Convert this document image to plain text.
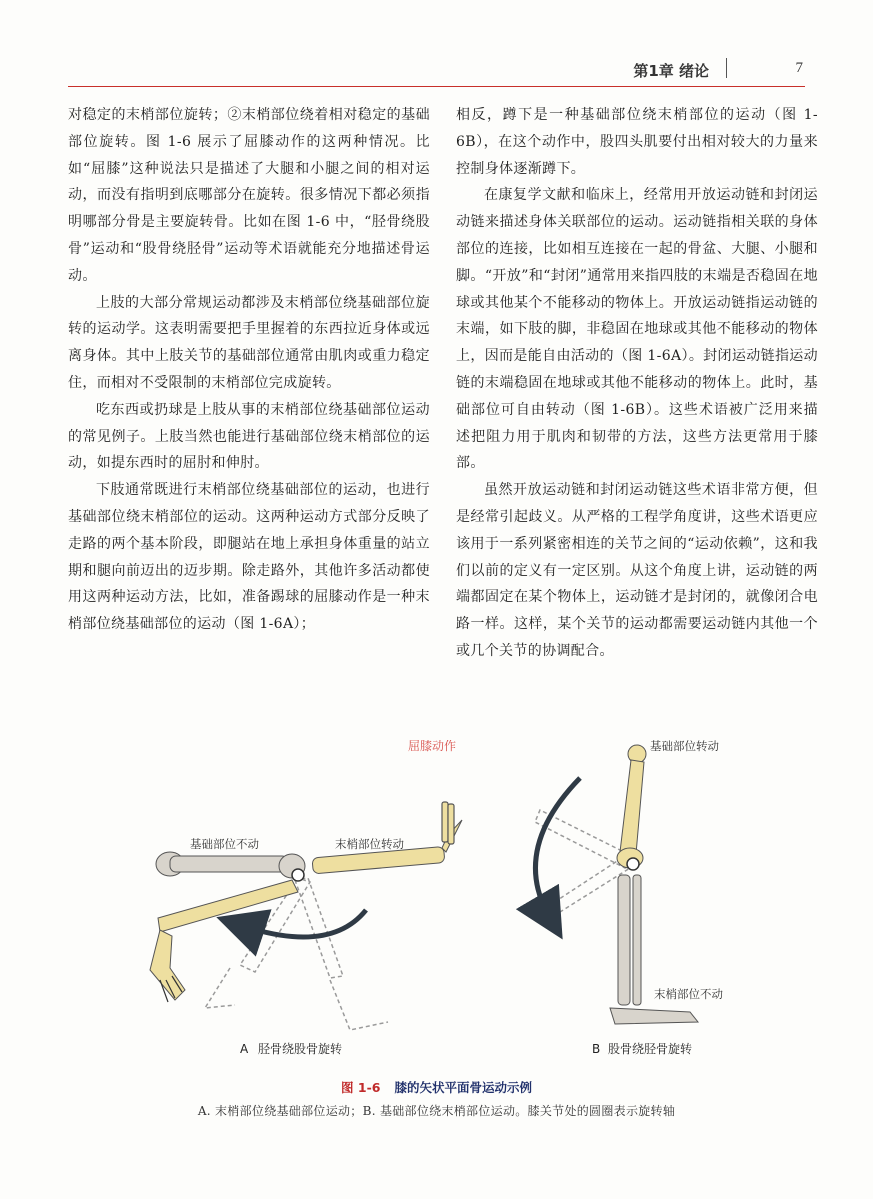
第1章 绪论	7

对稳定的末梢部位旋转；②末梢部位绕着相对稳定的基础部位旋转。图 1-6 展示了屈膝动作的这两种情况。比如“屈膝”这种说法只是描述了大腿和小腿之间的相对运动，而没有指明到底哪部分在旋转。很多情况下都必须指明哪部分骨是主要旋转骨。比如在图 1-6 中，“胫骨绕股骨”运动和“股骨绕胫骨”运动等术语就能充分地描述骨运动。

上肢的大部分常规运动都涉及末梢部位绕基础部位旋转的运动学。这表明需要把手里握着的东西拉近身体或远离身体。其中上肢关节的基础部位通常由肌肉或重力稳定住，而相对不受限制的末梢部位完成旋转。

吃东西或扔球是上肢从事的末梢部位绕基础部位运动的常见例子。上肢当然也能进行基础部位绕末梢部位的运动，如提东西时的屈肘和伸肘。

下肢通常既进行末梢部位绕基础部位的运动，也进行基础部位绕末梢部位的运动。这两种运动方式部分反映了走路的两个基本阶段，即腿站在地上承担身体重量的站立期和腿向前迈出的迈步期。除走路外，其他许多活动都使用这两种运动方法，比如，准备踢球的屈膝动作是一种末梢部位绕基础部位的运动（图 1-6A）；

相反，蹲下是一种基础部位绕末梢部位的运动（图 1-6B），在这个动作中，股四头肌要付出相对较大的力量来控制身体逐渐蹲下。

在康复学文献和临床上，经常用开放运动链和封闭运动链来描述身体关联部位的运动。运动链指相关联的身体部位的连接，比如相互连接在一起的骨盆、大腿、小腿和脚。“开放”和“封闭”通常用来指四肢的末端是否稳固在地球或其他某个不能移动的物体上。开放运动链指运动链的末端，如下肢的脚，非稳固在地球或其他不能移动的物体上，因而是能自由活动的（图 1-6A）。封闭运动链指运动链的末端稳固在地球或其他不能移动的物体上。此时，基础部位可自由转动（图 1-6B）。这些术语被广泛用来描述把阻力用于肌肉和韧带的方法，这些方法更常用于膝部。

虽然开放运动链和封闭运动链这些术语非常方便，但是经常引起歧义。从严格的工程学角度讲，这些术语更应该用于一系列紧密相连的关节之间的“运动依赖”，这和我们以前的定义有一定区别。从这个角度上讲，运动链的两端都固定在某个物体上，运动链才是封闭的，就像闭合电路一样。这样，某个关节的运动都需要运动链内其他一个或几个关节的协调配合。

屈膝动作
基础部位不动	末梢部位转动
A 胫骨绕股骨旋转
基础部位转动
末梢部位不动
B 股骨绕胫骨旋转
图 1-6 膝的矢状平面骨运动示例
A. 末梢部位绕基础部位运动；B. 基础部位绕末梢部位运动。膝关节处的圆圈表示旋转轴
